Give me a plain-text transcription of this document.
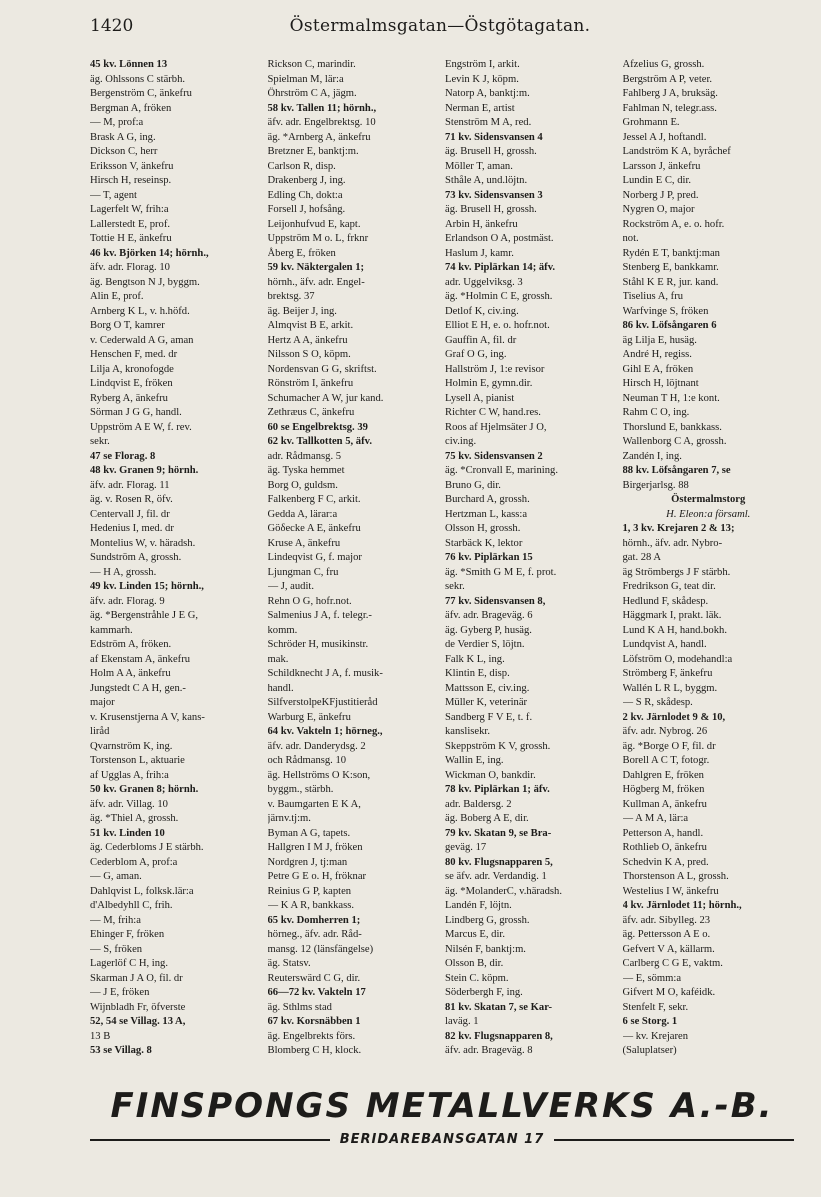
1420	Östermalmsgatan—Östgötagatan.
45 kv. Lönnen 13
äg. Ohlssons C stärbh.
Bergenström C, änkefru
Bergman A, fröken
— M, prof:a
Brask A G, ing.
Dickson C, herr
Eriksson V, änkefru
Hirsch H, reseinsp.
— T, agent
Lagerfelt W, frih:a
Lallerstedt E, prof.
Tottie H E, änkefru
46 kv. Björken 14; hörnh.,
äfv. adr. Florag. 10
äg. Bengtson N J, byggm.
Alin E, prof.
Arnberg K L, v. h.höfd.
Borg O T, kamrer
v. Cederwald A G, aman
Henschen F, med. dr
Lilja A, kronofogde
Lindqvist E, fröken
Ryberg A, änkefru
Sörman J G G, handl.
Uppström A E W, f. rev.
sekr.
47 se Florag. 8
48 kv. Granen 9; hörnh.
äfv. adr. Florag. 11
äg. v. Rosen R, öfv.
Centervall J, fil. dr
Hedenius I, med. dr
Montelius W, v. häradsh.
Sundström A, grossh.
— H A, grossh.
49 kv. Linden 15; hörnh.,
äfv. adr. Florag. 9
äg. *Bergenstråhle J E G,
kammarh.
Edström A, fröken.
af Ekenstam A, änkefru
Holm A A, änkefru
Jungstedt C A H, gen.-
major
v. Krusenstjerna A V, kans-
liråd
Qvarnström K, ing.
Torstenson L, aktuarie
af Ugglas A, frih:a
50 kv. Granen 8; hörnh.
äfv. adr. Villag. 10
äg. *Thiel A, grossh.
51 kv. Linden 10
äg. Cederbloms J E stärbh.
Cederblom A, prof:a
— G, aman.
Dahlqvist L, folksk.lär:a
d'Albedyhll C, frih.
— M, frih:a
Ehinger F, fröken
— S, fröken
Lagerlöf C H, ing.
Skarman J A O, fil. dr
— J E, fröken
Wijnbladh Fr, öfverste
52, 54 se Villag. 13 A,
13 B
53 se Villag. 8
Rickson C, marindir.
Spielman M, lär:a
Öhrström C A, jägm.
58 kv. Tallen 11; hörnh.,
äfv. adr. Engelbrektsg. 10
äg. *Arnberg A, änkefru
Bretzner E, banktj:m.
Carlson R, disp.
Drakenberg J, ing.
Edling Ch, dokt:a
Forsell J, hofsång.
Leijonhufvud E, kapt.
Uppström M o. L, frknr
Åberg E, fröken
59 kv. Näktergalen 1;
hörnh., äfv. adr. Engel-
brektsg. 37
äg. Beijer J, ing.
Almqvist B E, arkit.
Hertz A A, änkefru
Nilsson S O, köpm.
Nordensvan G G, skriftst.
Rönström I, änkefru
Schumacher A W, jur kand.
Zethræus C, änkefru
60 se Engelbrektsg. 39
62 kv. Tallkotten 5, äfv.
adr. Rådmansg. 5
äg. Tyska hemmet
Borg O, guldsm.
Falkenberg F C, arkit.
Gedda A, lärar:a
Göδecke A E, änkefru
Kruse A, änkefru
Lindeqvist G, f. major
Ljungman C, fru
— J, audit.
Rehn O G, hofr.not.
Salmenius J A, f. telegr.-
komm.
Schröder H, musikinstr.
mak.
Schildknecht J A, f. musik-
handl.
SilfverstolpeKFjustitieråd
Warburg E, änkefru
64 kv. Vakteln 1; hörneg.,
äfv. adr. Danderydsg. 2
och Rådmansg. 10
äg. Hellströms O K:son,
byggm., stärbh.
v. Baumgarten E K A,
järnv.tj:m.
Byman A G, tapets.
Hallgren I M J, fröken
Nordgren J, tj:man
Petre G E o. H, fröknar
Reinius G P, kapten
— K A R, bankkass.
65 kv. Domherren 1;
hörneg., äfv. adr. Råd-
mansg. 12 (länsfängelse)
äg. Statsv.
Reuterswärd C G, dir.
66—72 kv. Vakteln 17
äg. Sthlms stad
67 kv. Korsnäbben 1
äg. Engelbrekts förs.
Blomberg C H, klock.
Engström I, arkit.
Levin K J, köpm.
Natorp A, banktj:m.
Nerman E, artist
Stenström M A, red.
71 kv. Sidensvansen 4
äg. Brusell H, grossh.
Möller T, aman.
Sthåle A, und.löjtn.
73 kv. Sidensvansen 3
äg. Brusell H, grossh.
Arbin H, änkefru
Erlandson O A, postmäst.
Haslum J, kamr.
74 kv. Piplärkan 14; äfv.
adr. Uggelviksg. 3
äg. *Holmin C E, grossh.
Detlof K, civ.ing.
Elliot E H, e. o. hofr.not.
Gauffin A, fil. dr
Graf O G, ing.
Hallström J, 1:e revisor
Holmin E, gymn.dir.
Lysell A, pianist
Richter C W, hand.res.
Roos af Hjelmsäter J O,
civ.ing.
75 kv. Sidensvansen 2
äg. *Cronvall E, marining.
Bruno G, dir.
Burchard A, grossh.
Hertzman L, kass:a
Olsson H, grossh.
Starbäck K, lektor
76 kv. Piplärkan 15
äg. *Smith G M E, f. prot.
sekr.
77 kv. Sidensvansen 8,
äfv. adr. Brageväg. 6
äg. Gyberg P, husäg.
de Verdier S, löjtn.
Falk K L, ing.
Klintin E, disp.
Mattsson E, civ.ing.
Müller K, veterinär
Sandberg F V E, t. f.
kanslisekr.
Skeppström K V, grossh.
Wallin E, ing.
Wickman O, bankdir.
78 kv. Piplärkan 1; äfv.
adr. Baldersg. 2
äg. Boberg A E, dir.
79 kv. Skatan 9, se Bra-
geväg. 17
80 kv. Flugsnapparen 5,
se äfv. adr. Verdandig. 1
äg. *MolanderC, v.häradsh.
Landén F, löjtn.
Lindberg G, grossh.
Marcus E, dir.
Nilsén F, banktj:m.
Olsson B, dir.
Stein C. köpm.
Söderbergh F, ing.
81 kv. Skatan 7, se Kar-
laväg. 1
82 kv. Flugsnapparen 8,
äfv. adr. Brageväg. 8
Afzelius G, grossh.
Bergström A P, veter.
Fahlberg J A, bruksäg.
Fahlman N, telegr.ass.
Grohmann E.
Jessel A J, hoftandl.
Landström K A, byråchef
Larsson J, änkefru
Lundin E C, dir.
Norberg J P, pred.
Nygren O, major
Rockström A, e. o. hofr.
not.
Rydén E T, banktj:man
Stenberg E, bankkamr.
Ståhl K E R, jur. kand.
Tiselius A, fru
Warfvinge S, fröken
86 kv. Löfsångaren 6
äg Lilja E, husäg.
André H, regiss.
Gihl E A, fröken
Hirsch H, löjtnant
Neuman T H, 1:e kont.
Rahm C O, ing.
Thorslund E, bankkass.
Wallenborg C A, grossh.
Zandén I, ing.
88 kv. Löfsångaren 7, se
Birgerjarlsg. 88
Östermalmstorg
H. Eleon:a församl.
1, 3 kv. Krejaren 2 & 13;
hörnh., äfv. adr. Nybro-
gat. 28 A
äg Strömbergs J F stärbh.
Fredrikson G, teat dir.
Hedlund F, skådesp.
Häggmark I, prakt. läk.
Lund K A H, hand.bokh.
Lundqvist A, handl.
Löfström O, modehandl:a
Strömberg F, änkefru
Wallén L R L, byggm.
— S R, skådesp.
2 kv. Järnlodet 9 & 10,
äfv. adr. Nybrog. 26
äg. *Borge O F, fil. dr
Borell A C T, fotogr.
Dahlgren E, fröken
Högberg M, fröken
Kullman A, änkefru
— A M A, lär:a
Petterson A, handl.
Rothlieb O, änkefru
Schedvin K A, pred.
Thorstenson A L, grossh.
Westelius I W, änkefru
4 kv. Järnlodet 11; hörnh.,
äfv. adr. Sibylleg. 23
äg. Pettersson A E o.
Gefvert V A, källarm.
Carlberg C G E, vaktm.
— E, sömm:a
Gifvert M O, kaféidk.
Stenfelt F, sekr.
6 se Storg. 1
— kv. Krejaren
(Saluplatser)
FINSPONGS METALLVERKS A.-B.
BERIDAREBANSGATAN 17
